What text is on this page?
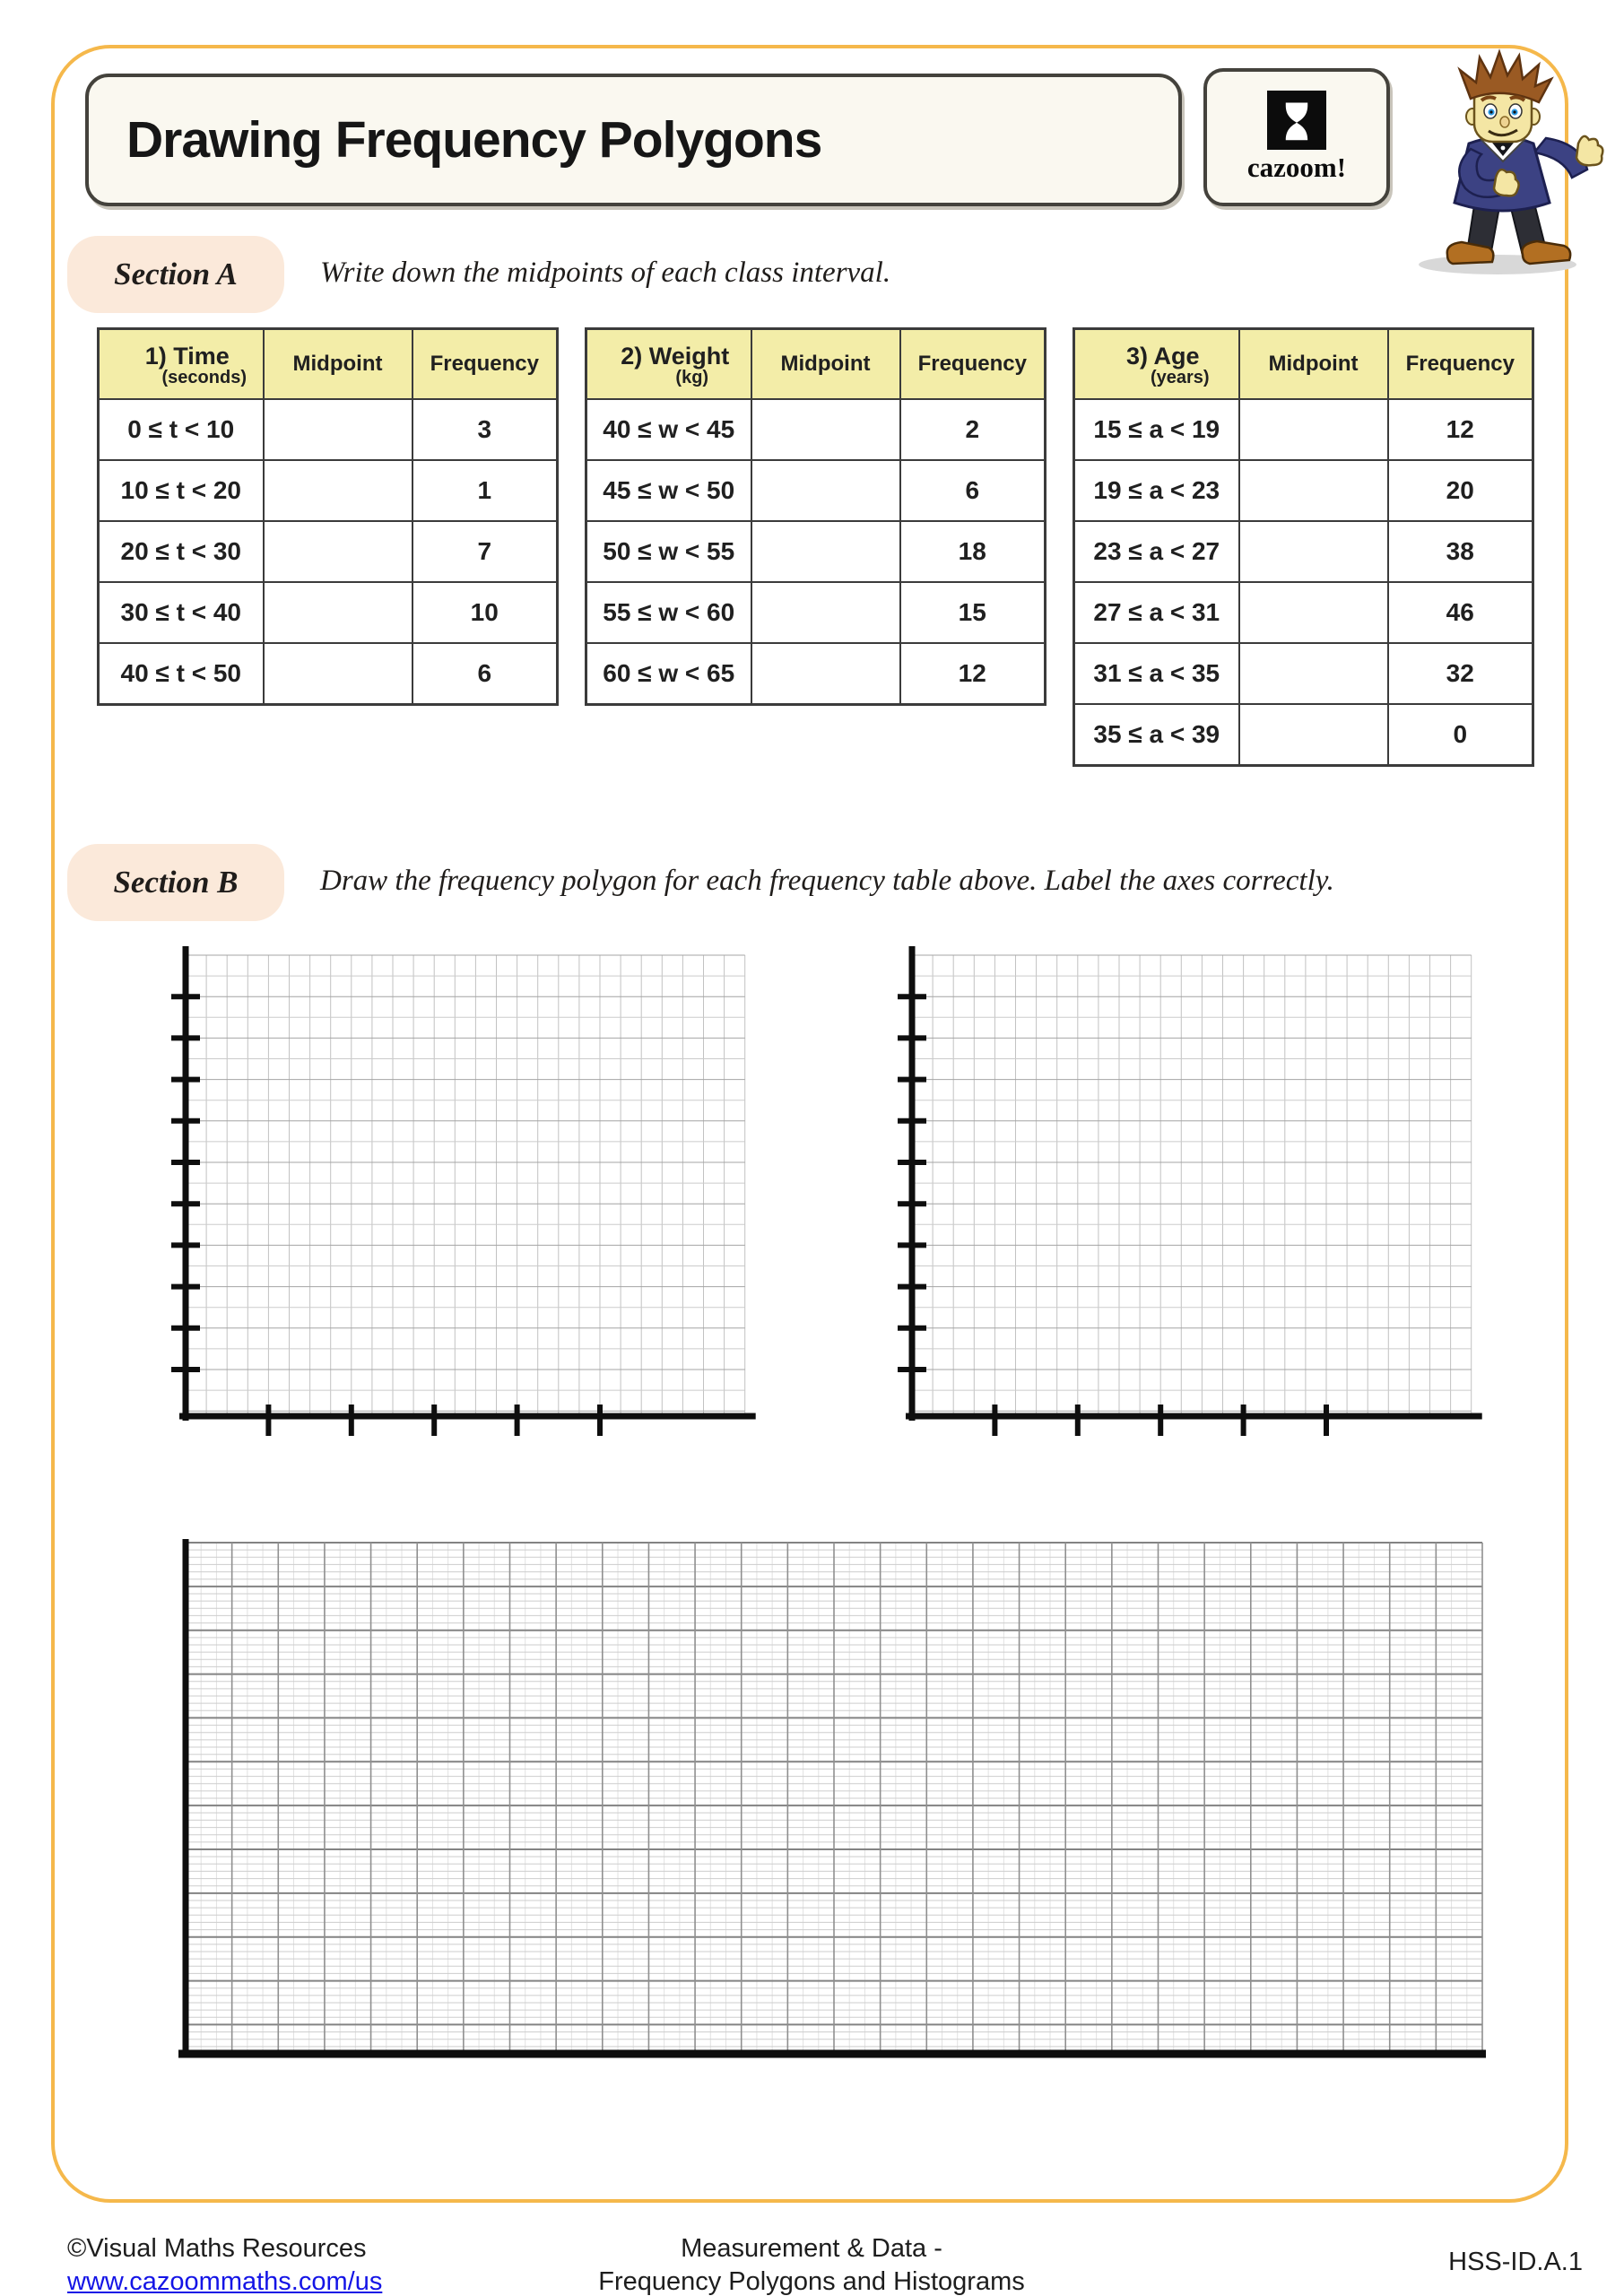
Drawing Frequency Polygons	cazoom!
Section A	Write down the midpoints of each class interval.
1) Time
(seconds)	Midpoint	Frequency
0 ≤ t < 10		3
10 ≤ t < 20		1
20 ≤ t < 30		7
30 ≤ t < 40		10
40 ≤ t < 50		6
2) Weight
(kg)	Midpoint	Frequency
40 ≤ w < 45		2
45 ≤ w < 50		6
50 ≤ w < 55		18
55 ≤ w < 60		15
60 ≤ w < 65		12
3) Age
(years)	Midpoint	Frequency
15 ≤ a < 19		12
19 ≤ a < 23		20
23 ≤ a < 27		38
27 ≤ a < 31		46
31 ≤ a < 35		32
35 ≤ a < 39		0
Section B	Draw the frequency polygon for each frequency table above. Label the axes correctly.
©Visual Maths Resources
www.cazoommaths.com/us
Measurement & Data -
Frequency Polygons and Histograms
HSS-ID.A.1
